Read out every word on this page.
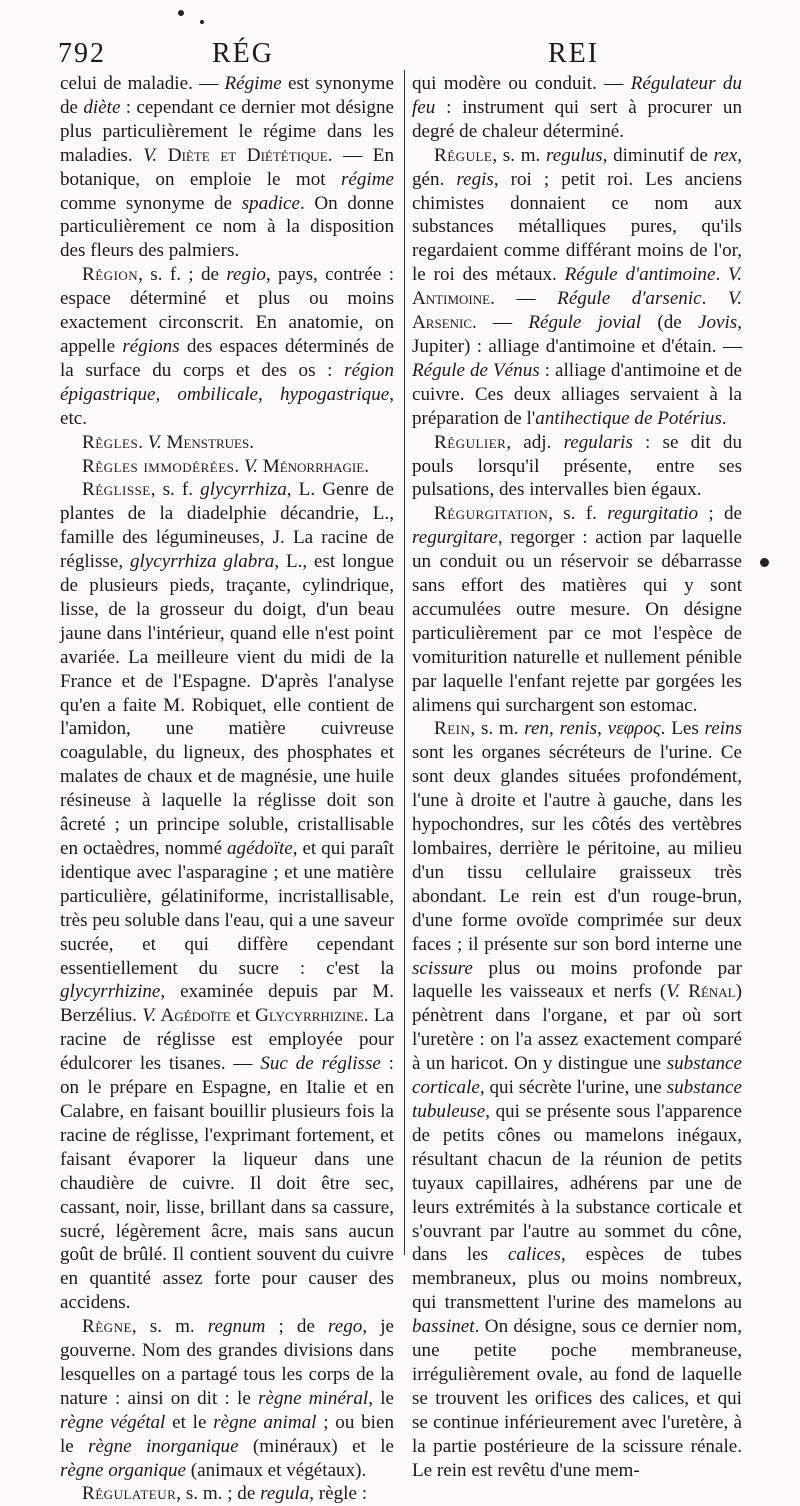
792	RÉG	REI

celui de maladie. — Régime est synonyme de diète : cependant ce dernier mot désigne plus particulièrement le régime dans les maladies. V. Diète et Diététique. — En botanique, on emploie le mot régime comme synonyme de spadice. On donne particulièrement ce nom à la disposition des fleurs des palmiers.

Région, s. f. ; de regio, pays, contrée : espace déterminé et plus ou moins exactement circonscrit. En anatomie, on appelle régions des espaces déterminés de la surface du corps et des os : région épigastrique, ombilicale, hypogastrique, etc.

Règles. V. Menstrues.

Règles immodérées. V. Ménorrhagie.

Réglisse, s. f. glycyrrhiza, L. Genre de plantes de la diadelphie décandrie, L., famille des légumineuses, J. La racine de réglisse, glycyrrhiza glabra, L., est longue de plusieurs pieds, traçante, cylindrique, lisse, de la grosseur du doigt, d'un beau jaune dans l'intérieur, quand elle n'est point avariée. La meilleure vient du midi de la France et de l'Espagne. D'après l'analyse qu'en a faite M. Robiquet, elle contient de l'amidon, une matière cuivreuse coagulable, du ligneux, des phosphates et malates de chaux et de magnésie, une huile résineuse à laquelle la réglisse doit son âcreté ; un principe soluble, cristallisable en octaèdres, nommé agédoïte, et qui paraît identique avec l'asparagine ; et une matière particulière, gélatiniforme, incristallisable, très peu soluble dans l'eau, qui a une saveur sucrée, et qui diffère cependant essentiellement du sucre : c'est la glycyrrhizine, examinée depuis par M. Berzélius. V. Agédoïte et Glycyrrhizine. La racine de réglisse est employée pour édulcorer les tisanes. — Suc de réglisse : on le prépare en Espagne, en Italie et en Calabre, en faisant bouillir plusieurs fois la racine de réglisse, l'exprimant fortement, et faisant évaporer la liqueur dans une chaudière de cuivre. Il doit être sec, cassant, noir, lisse, brillant dans sa cassure, sucré, légèrement âcre, mais sans aucun goût de brûlé. Il contient souvent du cuivre en quantité assez forte pour causer des accidens.

Règne, s. m. regnum ; de rego, je gouverne. Nom des grandes divisions dans lesquelles on a partagé tous les corps de la nature : ainsi on dit : le règne minéral, le règne végétal et le règne animal ; ou bien le règne inorganique (minéraux) et le règne organique (animaux et végétaux).

Régulateur, s. m. ; de regula, règle :

qui modère ou conduit. — Régulateur du feu : instrument qui sert à procurer un degré de chaleur déterminé.

Régule, s. m. regulus, diminutif de rex, gén. regis, roi ; petit roi. Les anciens chimistes donnaient ce nom aux substances métalliques pures, qu'ils regardaient comme différant moins de l'or, le roi des métaux. Régule d'antimoine. V. Antimoine. — Régule d'arsenic. V. Arsenic. — Régule jovial (de Jovis, Jupiter) : alliage d'antimoine et d'étain. — Régule de Vénus : alliage d'antimoine et de cuivre. Ces deux alliages servaient à la préparation de l'antihectique de Potérius.

Régulier, adj. regularis : se dit du pouls lorsqu'il présente, entre ses pulsations, des intervalles bien égaux.

Régurgitation, s. f. regurgitatio ; de regurgitare, regorger : action par laquelle un conduit ou un réservoir se débarrasse sans effort des matières qui y sont accumulées outre mesure. On désigne particulièrement par ce mot l'espèce de vomiturition naturelle et nullement pénible par laquelle l'enfant rejette par gorgées les alimens qui surchargent son estomac.

Rein, s. m. ren, renis, νεφρος. Les reins sont les organes sécréteurs de l'urine. Ce sont deux glandes situées profondément, l'une à droite et l'autre à gauche, dans les hypochondres, sur les côtés des vertèbres lombaires, derrière le péritoine, au milieu d'un tissu cellulaire graisseux très abondant. Le rein est d'un rouge-brun, d'une forme ovoïde comprimée sur deux faces ; il présente sur son bord interne une scissure plus ou moins profonde par laquelle les vaisseaux et nerfs (V. Rénal) pénètrent dans l'organe, et par où sort l'uretère : on l'a assez exactement comparé à un haricot. On y distingue une substance corticale, qui sécrète l'urine, une substance tubuleuse, qui se présente sous l'apparence de petits cônes ou mamelons inégaux, résultant chacun de la réunion de petits tuyaux capillaires, adhérens par une de leurs extrémités à la substance corticale et s'ouvrant par l'autre au sommet du cône, dans les calices, espèces de tubes membraneux, plus ou moins nombreux, qui transmettent l'urine des mamelons au bassinet. On désigne, sous ce dernier nom, une petite poche membraneuse, irrégulièrement ovale, au fond de laquelle se trouvent les orifices des calices, et qui se continue inférieurement avec l'uretère, à la partie postérieure de la scissure rénale. Le rein est revêtu d'une mem-
